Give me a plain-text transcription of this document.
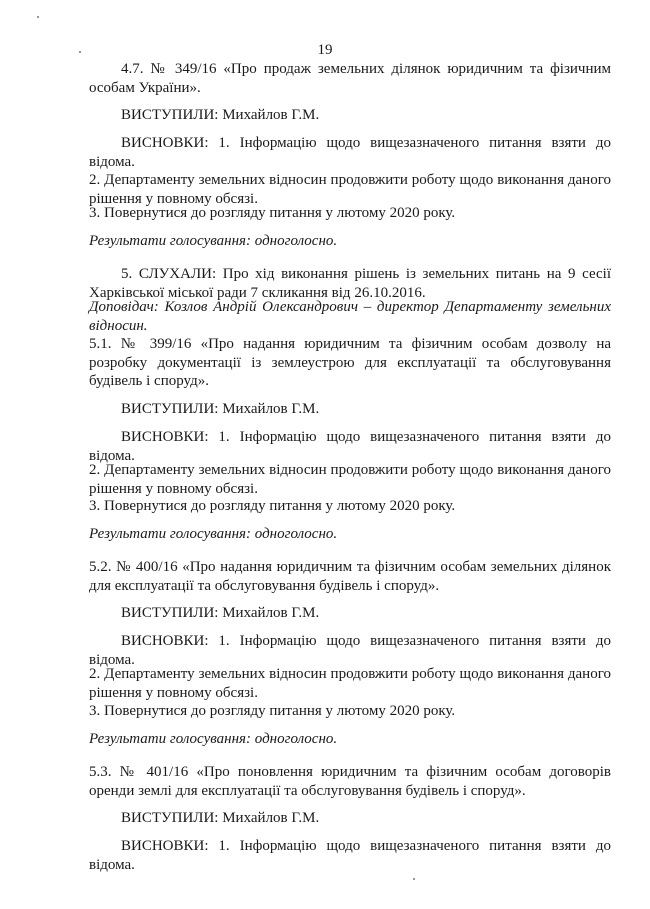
19
4.7. № 349/16 «Про продаж земельних ділянок юридичним та фізичним особам України».
ВИСТУПИЛИ: Михайлов Г.М.
ВИСНОВКИ: 1. Інформацію щодо вищезазначеного питання взяти до відома.
2. Департаменту земельних відносин продовжити роботу щодо виконання даного рішення у повному обсязі.
3. Повернутися до розгляду питання у лютому 2020 року.
Результати голосування: одноголосно.
5. СЛУХАЛИ: Про хід виконання рішень із земельних питань на 9 сесії Харківської міської ради 7 скликання від 26.10.2016.
Доповідач: Козлов Андрій Олександрович – директор Департаменту земельних відносин.
5.1. № 399/16 «Про надання юридичним та фізичним особам дозволу на розробку документації із землеустрою для експлуатації та обслуговування будівель і споруд».
ВИСТУПИЛИ: Михайлов Г.М.
ВИСНОВКИ: 1. Інформацію щодо вищезазначеного питання взяти до відома.
2. Департаменту земельних відносин продовжити роботу щодо виконання даного рішення у повному обсязі.
3. Повернутися до розгляду питання у лютому 2020 року.
Результати голосування: одноголосно.
5.2. № 400/16 «Про надання юридичним та фізичним особам земельних ділянок для експлуатації та обслуговування будівель і споруд».
ВИСТУПИЛИ: Михайлов Г.М.
ВИСНОВКИ: 1. Інформацію щодо вищезазначеного питання взяти до відома.
2. Департаменту земельних відносин продовжити роботу щодо виконання даного рішення у повному обсязі.
3. Повернутися до розгляду питання у лютому 2020 року.
Результати голосування: одноголосно.
5.3. № 401/16 «Про поновлення юридичним та фізичним особам договорів оренди землі для експлуатації та обслуговування будівель і споруд».
ВИСТУПИЛИ: Михайлов Г.М.
ВИСНОВКИ: 1. Інформацію щодо вищезазначеного питання взяти до відома.
